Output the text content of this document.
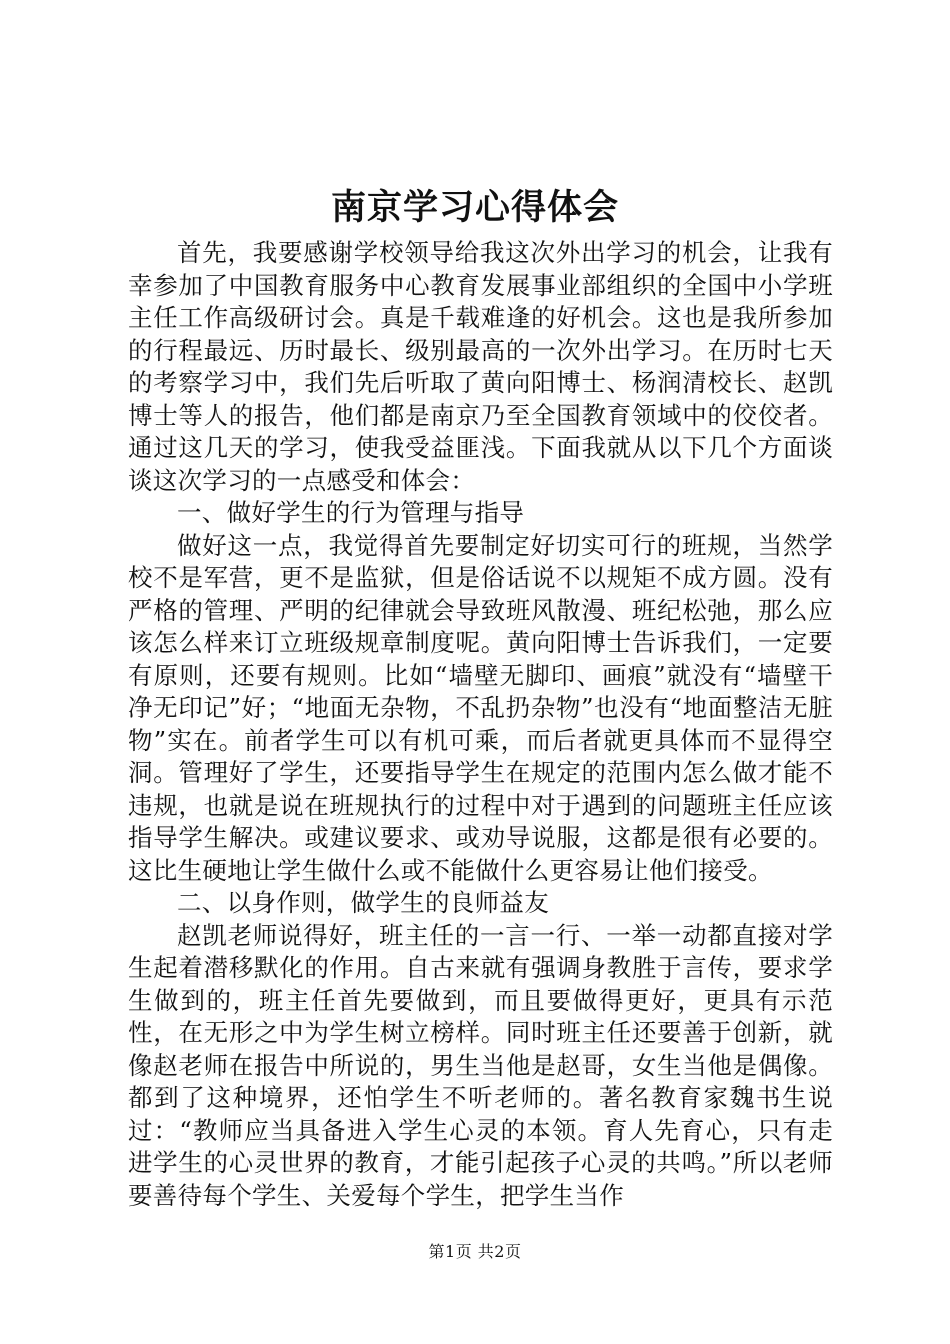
南京学习心得体会

首先，我要感谢学校领导给我这次外出学习的机会，让我有幸参加了中国教育服务中心教育发展事业部组织的全国中小学班主任工作高级研讨会。真是千载难逢的好机会。这也是我所参加的行程最远、历时最长、级别最高的一次外出学习。在历时七天的考察学习中，我们先后听取了黄向阳博士、杨润清校长、赵凯博士等人的报告，他们都是南京乃至全国教育领域中的佼佼者。通过这几天的学习，使我受益匪浅。下面我就从以下几个方面谈谈这次学习的一点感受和体会：

一、做好学生的行为管理与指导

做好这一点，我觉得首先要制定好切实可行的班规，当然学校不是军营，更不是监狱，但是俗话说不以规矩不成方圆。没有严格的管理、严明的纪律就会导致班风散漫、班纪松弛，那么应该怎么样来订立班级规章制度呢。黄向阳博士告诉我们，一定要有原则，还要有规则。比如“墙壁无脚印、画痕”就没有“墙壁干净无印记”好；“地面无杂物，不乱扔杂物”也没有“地面整洁无脏物”实在。前者学生可以有机可乘，而后者就更具体而不显得空洞。管理好了学生，还要指导学生在规定的范围内怎么做才能不违规，也就是说在班规执行的过程中对于遇到的问题班主任应该指导学生解决。或建议要求、或劝导说服，这都是很有必要的。这比生硬地让学生做什么或不能做什么更容易让他们接受。

二、以身作则，做学生的良师益友

赵凯老师说得好，班主任的一言一行、一举一动都直接对学生起着潜移默化的作用。自古来就有强调身教胜于言传，要求学生做到的，班主任首先要做到，而且要做得更好，更具有示范性，在无形之中为学生树立榜样。同时班主任还要善于创新，就像赵老师在报告中所说的，男生当他是赵哥，女生当他是偶像。都到了这种境界，还怕学生不听老师的。著名教育家魏书生说过：“教师应当具备进入学生心灵的本领。育人先育心，只有走进学生的心灵世界的教育，才能引起孩子心灵的共鸣。”所以老师要善待每个学生、关爱每个学生，把学生当作

第1页 共2页
